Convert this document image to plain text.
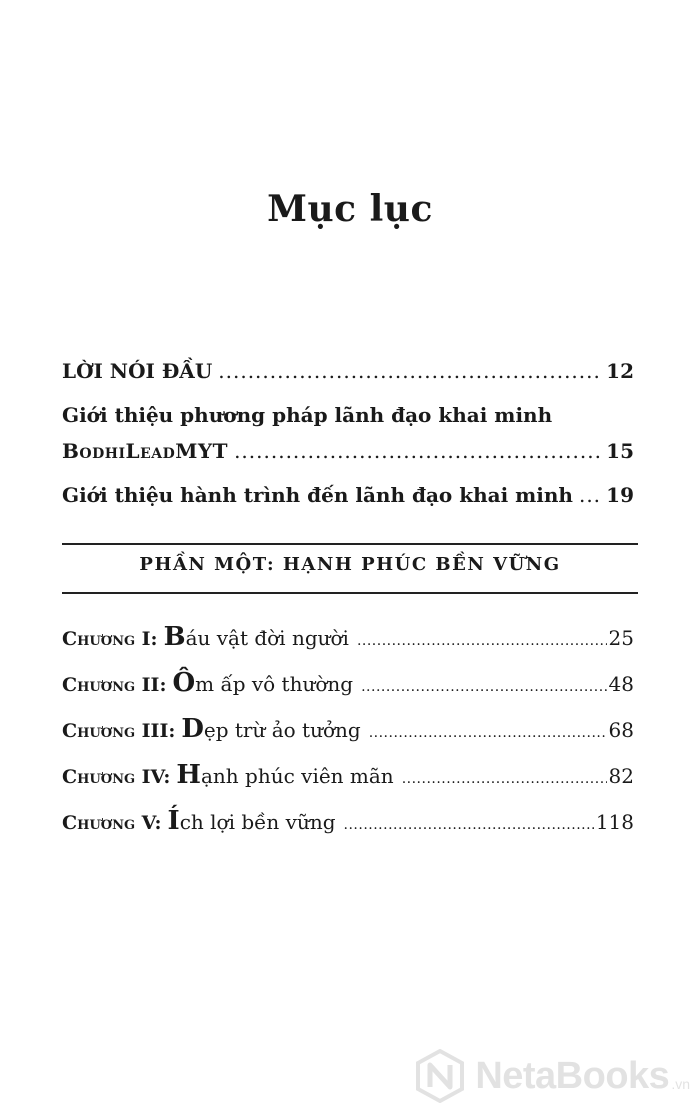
Mục lục
LỜI NÓI ĐẦU .....	12
Giới thiệu phương pháp lãnh đạo khai minh
BodhiLeadMYT .....	15
Giới thiệu hành trình đến lãnh đạo khai minh ..... 19
PHẦN MỘT: HẠNH PHÚC BỀN VỮNG
Chương I: B áu vật đời người .....	25
Chương II: Ô m ấp vô thường .....	48
Chương III: D ẹp trừ ảo tưởng .....	68
Chương IV: H ạnh phúc viên mãn .....	82
Chương V: Í ch lợi bền vững .....	118
NetaBooks .vn
